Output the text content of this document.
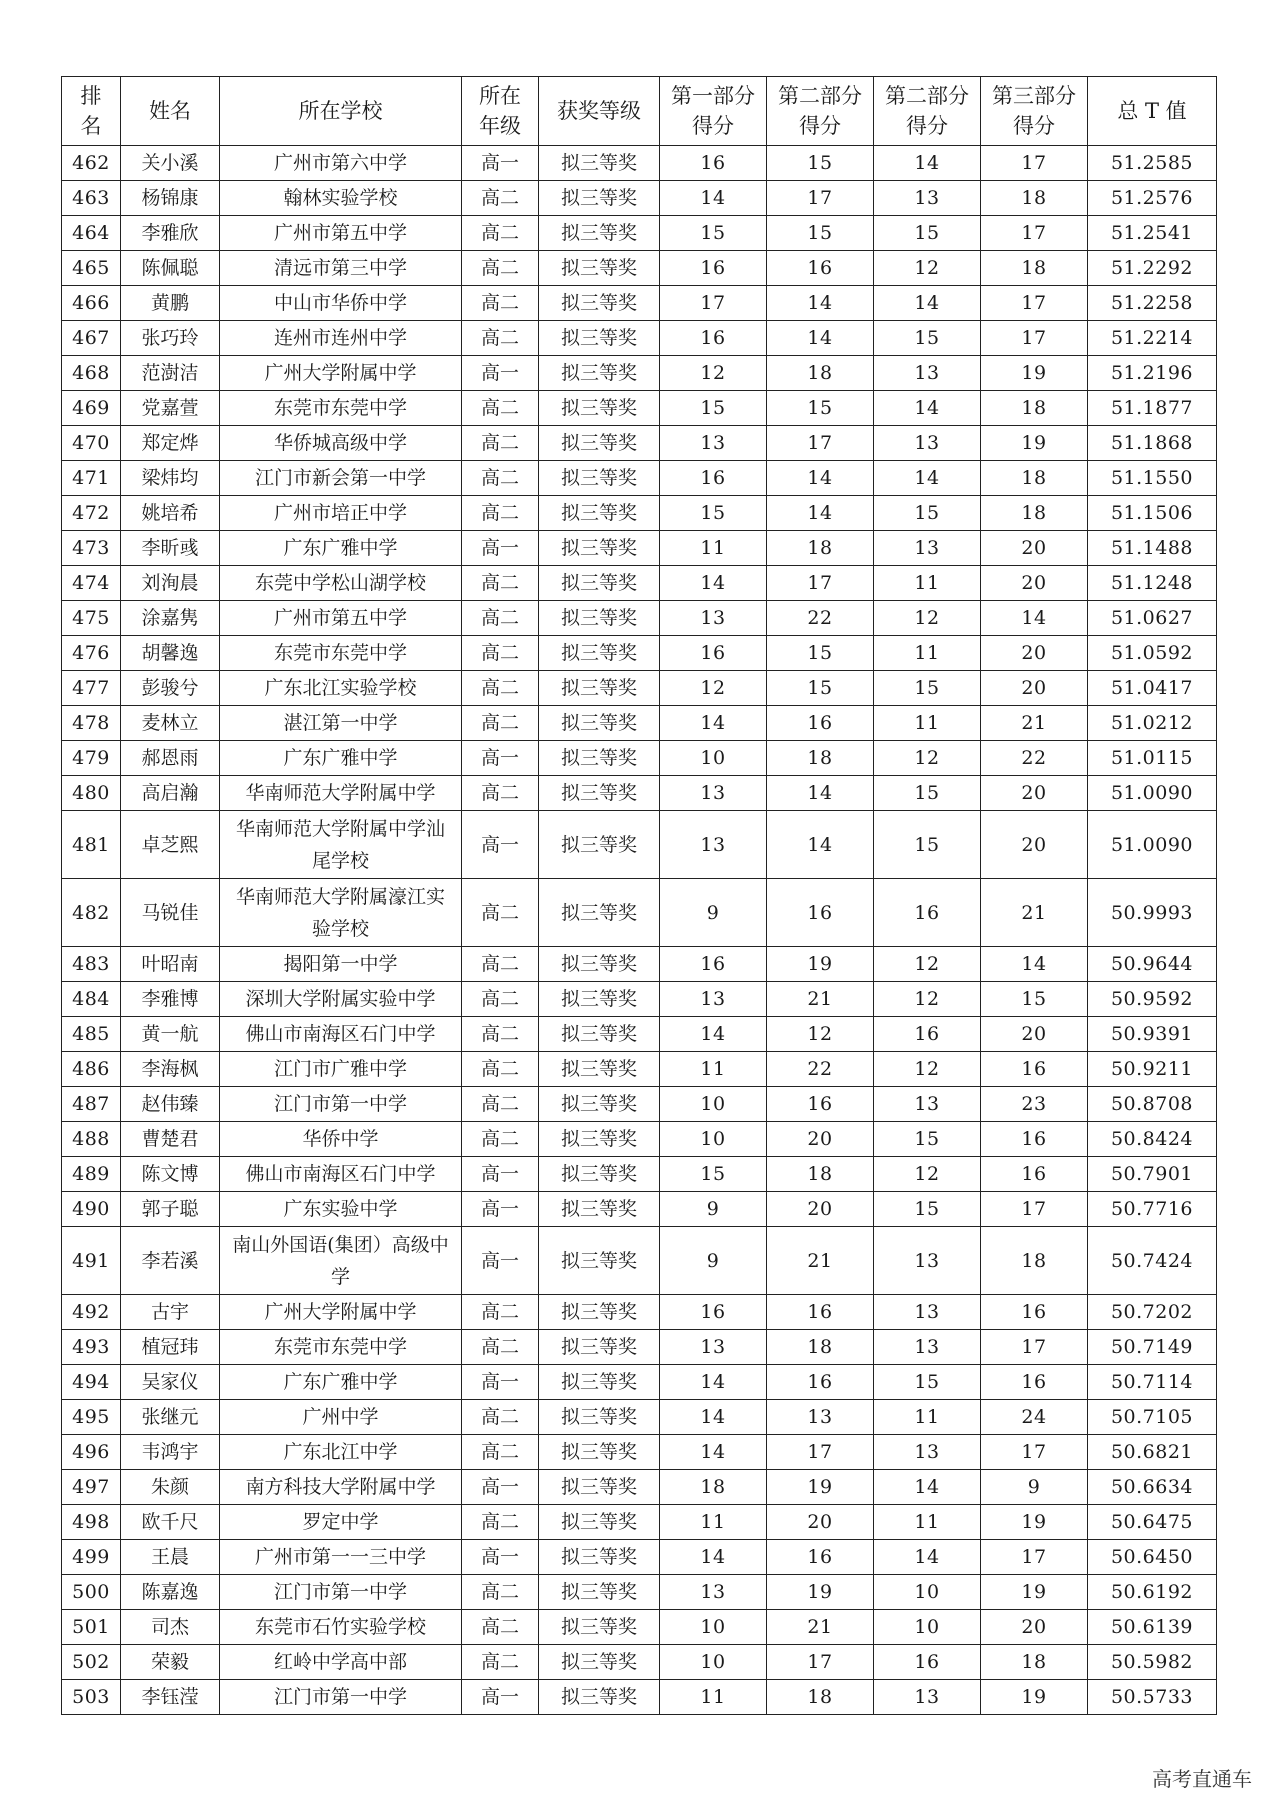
排名	姓名	所在学校	所在年级	获奖等级	第一部分得分	第二部分得分	第二部分得分	第三部分得分	总 T 值
462	关小溪	广州市第六中学	高一	拟三等奖	16	15	14	17	51.2585
463	杨锦康	翰林实验学校	高二	拟三等奖	14	17	13	18	51.2576
464	李雅欣	广州市第五中学	高二	拟三等奖	15	15	15	17	51.2541
465	陈佩聪	清远市第三中学	高二	拟三等奖	16	16	12	18	51.2292
466	黄鹏	中山市华侨中学	高二	拟三等奖	17	14	14	17	51.2258
467	张巧玲	连州市连州中学	高二	拟三等奖	16	14	15	17	51.2214
468	范澍洁	广州大学附属中学	高一	拟三等奖	12	18	13	19	51.2196
469	党嘉萱	东莞市东莞中学	高二	拟三等奖	15	15	14	18	51.1877
470	郑定烨	华侨城高级中学	高二	拟三等奖	13	17	13	19	51.1868
471	梁炜均	江门市新会第一中学	高二	拟三等奖	16	14	14	18	51.1550
472	姚培希	广州市培正中学	高二	拟三等奖	15	14	15	18	51.1506
473	李昕彧	广东广雅中学	高一	拟三等奖	11	18	13	20	51.1488
474	刘洵晨	东莞中学松山湖学校	高二	拟三等奖	14	17	11	20	51.1248
475	涂嘉隽	广州市第五中学	高二	拟三等奖	13	22	12	14	51.0627
476	胡馨逸	东莞市东莞中学	高二	拟三等奖	16	15	11	20	51.0592
477	彭骏兮	广东北江实验学校	高二	拟三等奖	12	15	15	20	51.0417
478	麦林立	湛江第一中学	高二	拟三等奖	14	16	11	21	51.0212
479	郝恩雨	广东广雅中学	高一	拟三等奖	10	18	12	22	51.0115
480	高启瀚	华南师范大学附属中学	高二	拟三等奖	13	14	15	20	51.0090
481	卓芝熙	华南师范大学附属中学汕尾学校	高一	拟三等奖	13	14	15	20	51.0090
482	马锐佳	华南师范大学附属濠江实验学校	高二	拟三等奖	9	16	16	21	50.9993
483	叶昭南	揭阳第一中学	高二	拟三等奖	16	19	12	14	50.9644
484	李雅博	深圳大学附属实验中学	高二	拟三等奖	13	21	12	15	50.9592
485	黄一航	佛山市南海区石门中学	高二	拟三等奖	14	12	16	20	50.9391
486	李海枫	江门市广雅中学	高二	拟三等奖	11	22	12	16	50.9211
487	赵伟臻	江门市第一中学	高二	拟三等奖	10	16	13	23	50.8708
488	曹楚君	华侨中学	高二	拟三等奖	10	20	15	16	50.8424
489	陈文博	佛山市南海区石门中学	高一	拟三等奖	15	18	12	16	50.7901
490	郭子聪	广东实验中学	高一	拟三等奖	9	20	15	17	50.7716
491	李若溪	南山外国语(集团）高级中学	高一	拟三等奖	9	21	13	18	50.7424
492	古宇	广州大学附属中学	高二	拟三等奖	16	16	13	16	50.7202
493	植冠玮	东莞市东莞中学	高二	拟三等奖	13	18	13	17	50.7149
494	吴家仪	广东广雅中学	高一	拟三等奖	14	16	15	16	50.7114
495	张继元	广州中学	高二	拟三等奖	14	13	11	24	50.7105
496	韦鸿宇	广东北江中学	高二	拟三等奖	14	17	13	17	50.6821
497	朱颜	南方科技大学附属中学	高一	拟三等奖	18	19	14	9	50.6634
498	欧千尺	罗定中学	高二	拟三等奖	11	20	11	19	50.6475
499	王晨	广州市第一一三中学	高一	拟三等奖	14	16	14	17	50.6450
500	陈嘉逸	江门市第一中学	高二	拟三等奖	13	19	10	19	50.6192
501	司杰	东莞市石竹实验学校	高二	拟三等奖	10	21	10	20	50.6139
502	荣毅	红岭中学高中部	高二	拟三等奖	10	17	16	18	50.5982
503	李钰滢	江门市第一中学	高一	拟三等奖	11	18	13	19	50.5733
高考直通车
